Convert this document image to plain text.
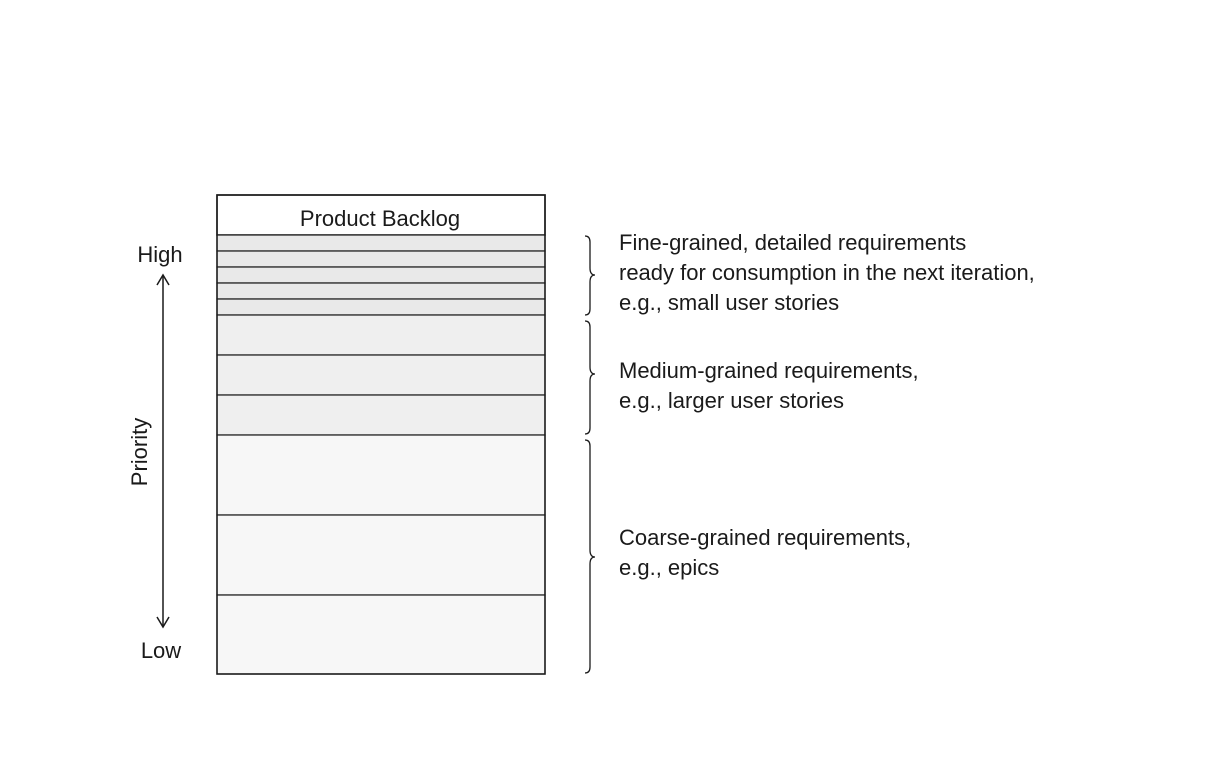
Product Backlog
High
Low
Priority
Fine-grained, detailed requirements
ready for consumption in the next iteration,
e.g., small user stories
Medium-grained requirements,
e.g., larger user stories
Coarse-grained requirements,
e.g., epics
